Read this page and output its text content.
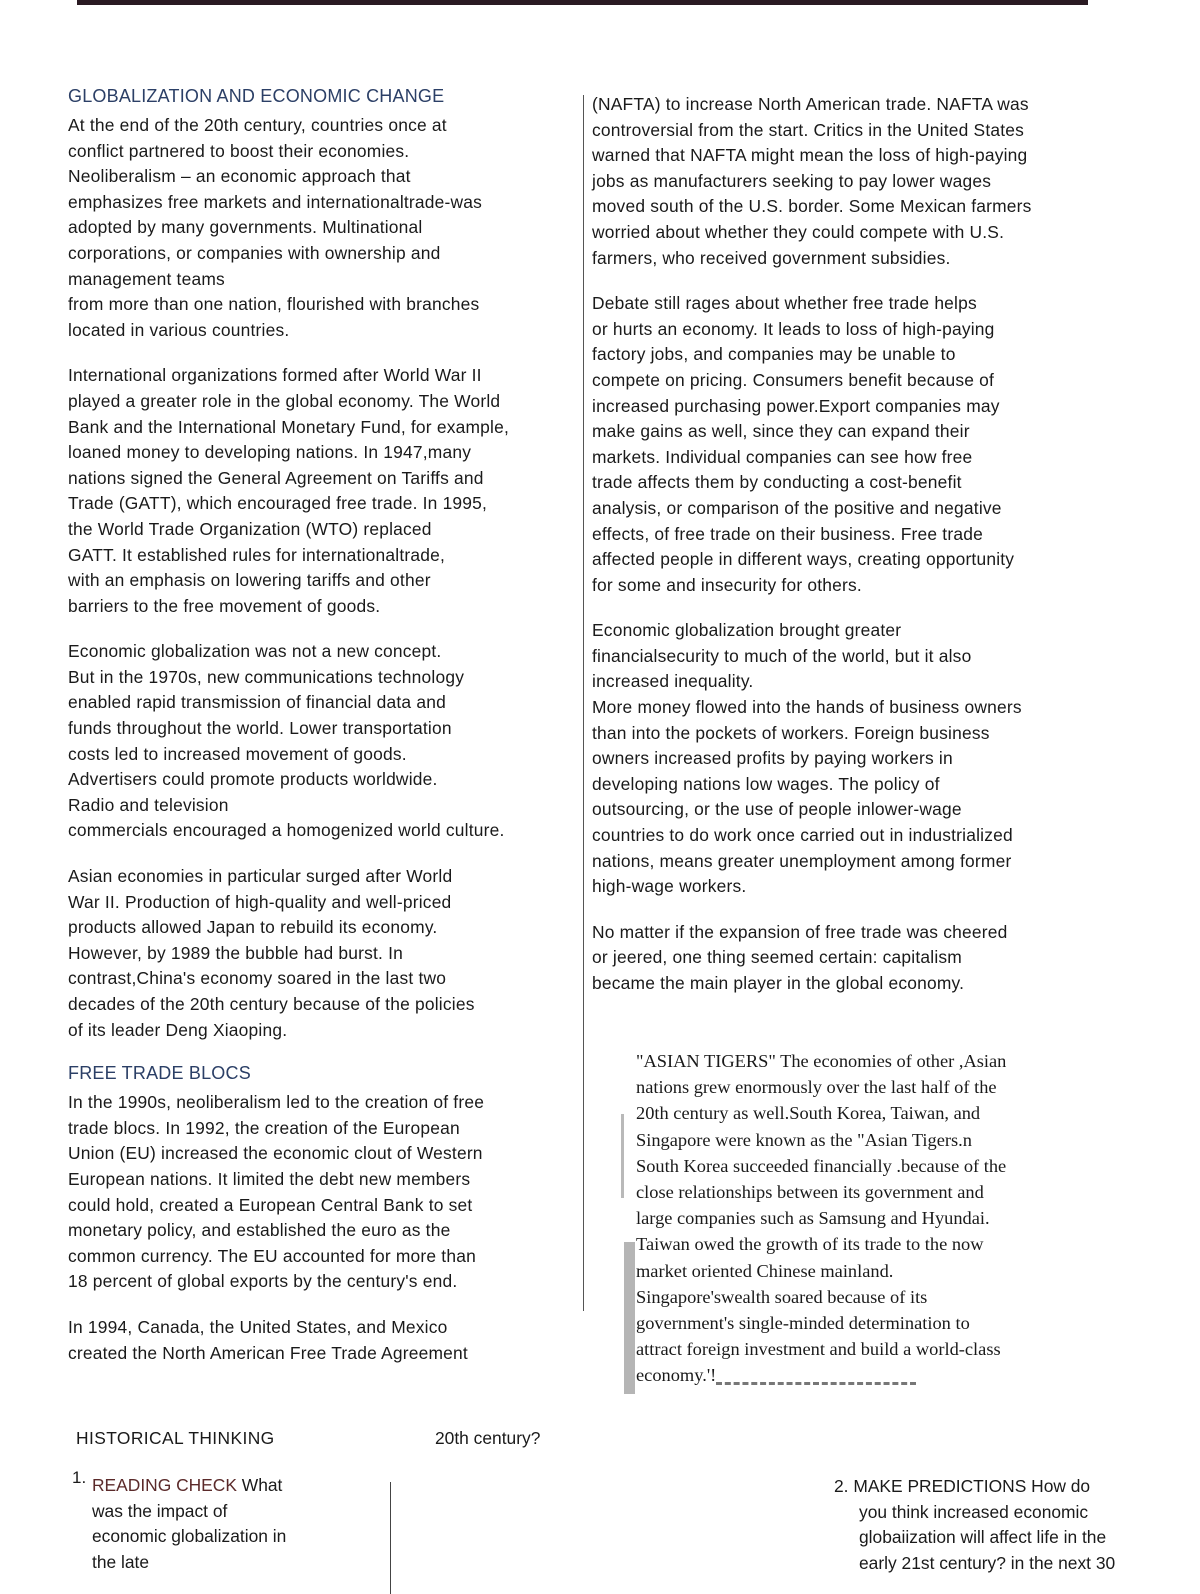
GLOBALIZATION AND ECONOMIC CHANGE
At the end of the 20th century, countries once at
conflict partnered to boost their economies.
Neoliberalism – an economic approach that
emphasizes free markets and internationaltrade-was
adopted by many governments. Multinational
corporations, or companies with ownership and
management teams
from more than one nation, flourished with branches
located in various countries.
International organizations formed after World War II
played a greater role in the global economy. The World
Bank and the International Monetary Fund, for example,
loaned money to developing nations. In 1947,many
nations signed the General Agreement on Tariffs and
Trade (GATT), which encouraged free trade. In 1995,
the World Trade Organization (WTO) replaced
GATT. It established rules for internationaltrade,
with an emphasis on lowering tariffs and other
barriers to the free movement of goods.
Economic globalization was not a new concept.
But in the 1970s, new communications technology
enabled rapid transmission of financial data and
funds throughout the world. Lower transportation
costs led to increased movement of goods.
Advertisers could promote products worldwide.
Radio and television
commercials encouraged a homogenized world culture.
Asian economies in particular surged after World
War II. Production of high-quality and well-priced
products allowed Japan to rebuild its economy.
However, by 1989 the bubble had burst. In
contrast,China's economy soared in the last two
decades of the 20th century because of the policies
of its leader Deng Xiaoping.
FREE TRADE BLOCS
In the 1990s, neoliberalism led to the creation of free
trade blocs. In 1992, the creation of the European
Union (EU) increased the economic clout of Western
European nations. It limited the debt new members
could hold, created a European Central Bank to set
monetary policy, and established the euro as the
common currency. The EU accounted for more than
18 percent of global exports by the century's end.
In 1994, Canada, the United States, and Mexico
created the North American Free Trade Agreement
(NAFTA) to increase North American trade. NAFTA was
controversial from the start. Critics in the United States
warned that NAFTA might mean the loss of high-paying
jobs as manufacturers seeking to pay lower wages
moved south of the U.S. border. Some Mexican farmers
worried about whether they could compete with U.S.
farmers, who received government subsidies.
Debate still rages about whether free trade helps
or hurts an economy. It leads to loss of high-paying
factory jobs, and companies may be unable to
compete on pricing. Consumers benefit because of
increased purchasing power.Export companies may
make gains as well, since they can expand their
markets. Individual companies can see how free
trade affects them by conducting a cost-benefit
analysis, or comparison of the positive and negative
effects, of free trade on their business. Free trade
affected people in different ways, creating opportunity
for some and insecurity for others.
Economic globalization brought greater
financialsecurity to much of the world, but it also
increased inequality.
More money flowed into the hands of business owners
than into the pockets of workers. Foreign business
owners increased profits by paying workers in
developing nations low wages. The policy of
outsourcing, or the use of people inlower-wage
countries to do work once carried out in industrialized
nations, means greater unemployment among former
high-wage workers.
No matter if the expansion of free trade was cheered
or jeered, one thing seemed certain: capitalism
became the main player in the global economy.
"ASIAN TIGERS" The economies of other ,Asian
nations grew enormously over the last half of the
20th century as well.South Korea, Taiwan, and
Singapore were known as the "Asian Tigers.n
South Korea succeeded financially .because of the
close relationships between its government and
large companies such as Samsung and Hyundai.
Taiwan owed the growth of its trade to the now
market oriented Chinese mainland.
Singapore'swealth soared because of its
government's single-minded determination to
attract foreign investment and build a world-class
economy.'!
HISTORICAL THINKING	20th century?
1. READING CHECK What
was the impact of
economic globalization in
the late
2. MAKE PREDICTIONS How do
you think increased economic
globaiization will affect life in the
early 21st century? in the next 30
